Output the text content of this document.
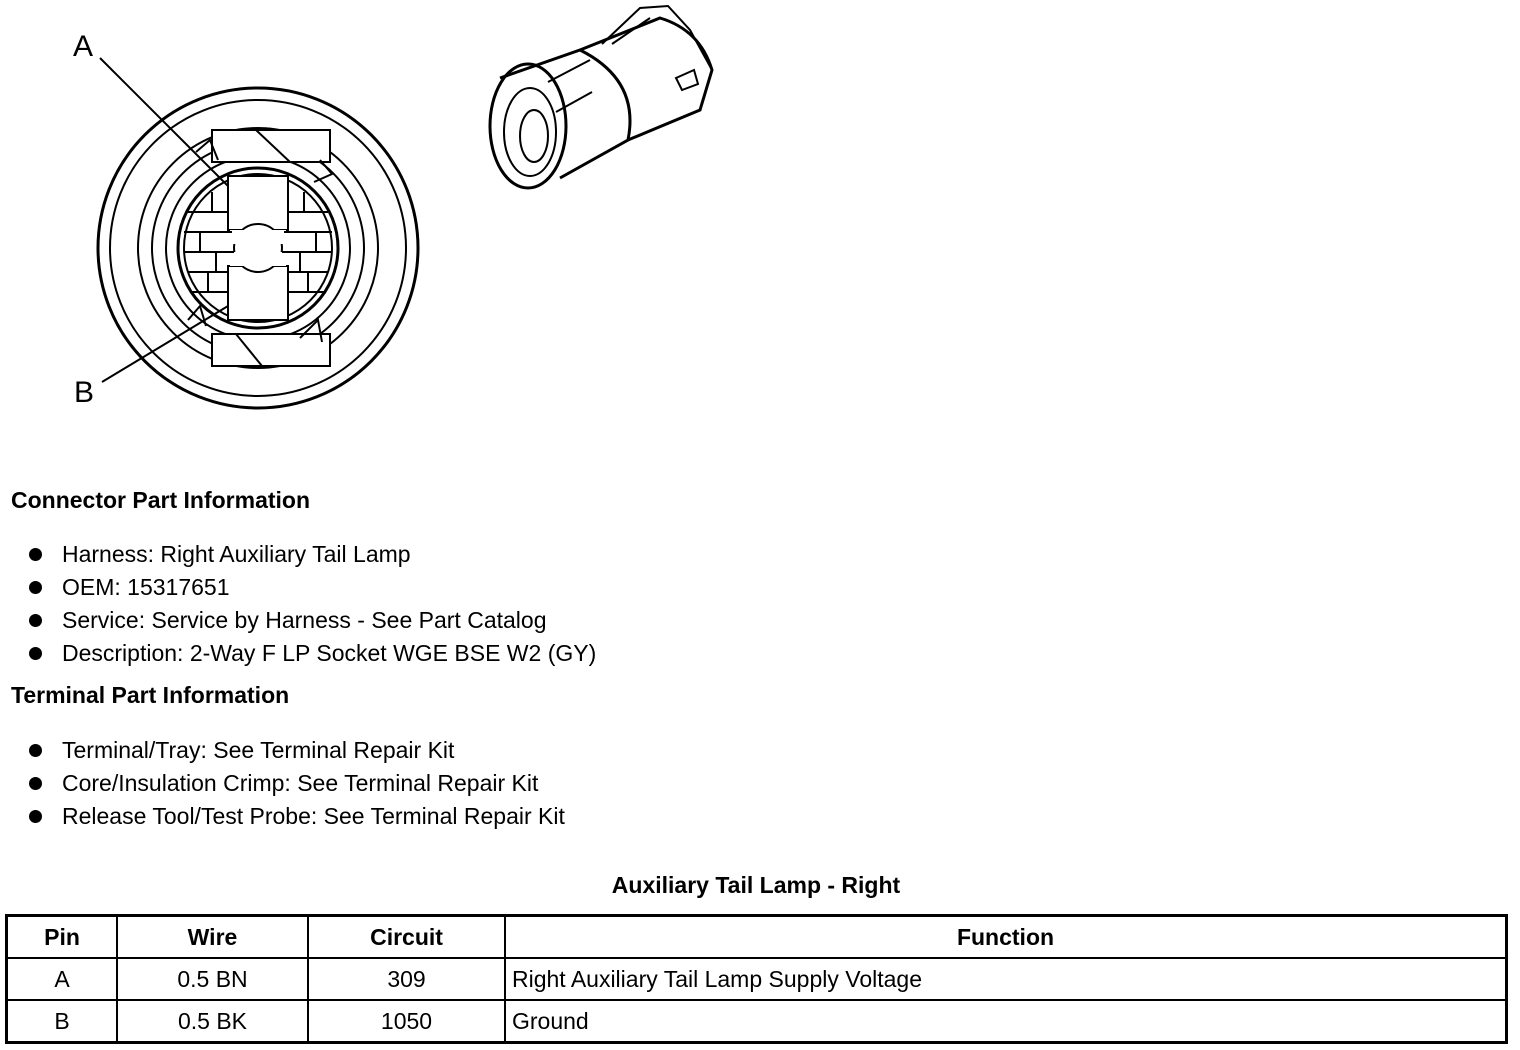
A
B
Connector Part Information
Harness: Right Auxiliary Tail Lamp
OEM: 15317651
Service: Service by Harness - See Part Catalog
Description: 2-Way F LP Socket WGE BSE W2 (GY)
Terminal Part Information
Terminal/Tray: See Terminal Repair Kit
Core/Insulation Crimp: See Terminal Repair Kit
Release Tool/Test Probe: See Terminal Repair Kit
Auxiliary Tail Lamp - Right
Pin	Wire	Circuit	Function
A	0.5 BN	309	Right Auxiliary Tail Lamp Supply Voltage
B	0.5 BK	1050	Ground
